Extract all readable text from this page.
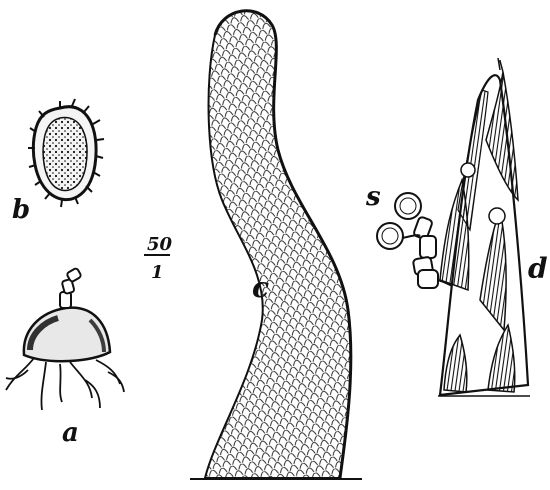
b
50
1
a
c
d
s
